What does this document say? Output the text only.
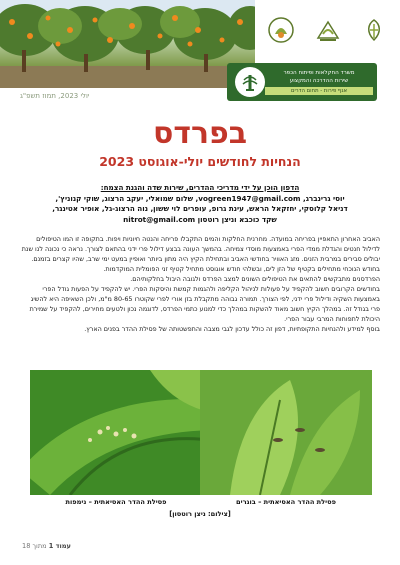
משרד החקלאות ופיתוח הכפר
שירות ההדרכה והמקצוע
אגף פירות - תחום הדרים
יולי 2023, תמוז תשפ"ג
בפרדס
הנחיות לחודשים יולי-אוגוסט 2023
הדפון הוכן על ידי מדריכי ההדרים, שירות שדה והגנת הצמח:
יוסי גרינברג, vogreen1947@gmail.com, שלום שמואלי, יעקב הרצוג, שוקי קנוניץ',
דניאל קלוסקי, יחזקאל הראש, עינת גרופ, עופרים לוי ששון, נוה הרצוג-גל, אופיר אטינגר,
שקד כוכבא וניצן רוטסון nitrot@gmail.com

האביב האחרון התאפיין בפריחה במועדה. מחרנית החלקות והמים התקבלו פריחה והנטה חיוניות ויפות. בתקופה זו המו הטיפולים לדילול חנטים והגדלת ממדי הפרי באמצעות מוסדי צמיחה. בהמשך העונה בבצע דילול פרי ידני בהתאם לצורך. נראה כי נכונה לנו שנת יבולים סבירים במרבית הזנים. מזג האוויר בחודשי האביב ובתחילת הקיץ היה מתון ביותר ואופיין במעט ימי שרב, שהיו קצרים בזמנם. בחודש הנוכחי מתחילים בקטיף של הזן לים, ובשלהי חודש אוגוסט מתחיל קטיף זני הפומלית המוקדמות.

הפרדסנים מתבקשים להתאים את הטיפולים השונים למצב הפרדס ולגובה היבול בחלקותיהם.

בחודשים הקרובים חשוב להקפיד על פעולות לניהול הקליפה ולהגמות קמשת והיסקות הפרי. יש להקפיד על הפעות גודל הפרי באמצעות השקיה ודילול פרי ידני, לפי הצורך. תמורה גבוהה מתקבלת בזן אורי לפרי שקוטרו 80-65 מ"מ, ולכן השאיפה היא להשיג פרי בגודל זה. במהלך הקיץ חשוב מאוד להשקות במהלך כדי למנוע כתמי הפרדס, לדוגמה נכון ולטעים מחירים, להקפיד על שמירת היכולת לתפוחות המרבי עבור הפרי.

בוסף למידע ולהנחיות התקופתיות, דפון זה כולל עדכון לגבי מצבה והתפשטותה של פסילת ההדר בפנים הארץ.

פסילת ההדר האסיאתית – נימפות	פסילת ההדר האסיאתית – בוגרים
[צילום: ניצן רוטסון]
עמוד 1 מתוך 18
